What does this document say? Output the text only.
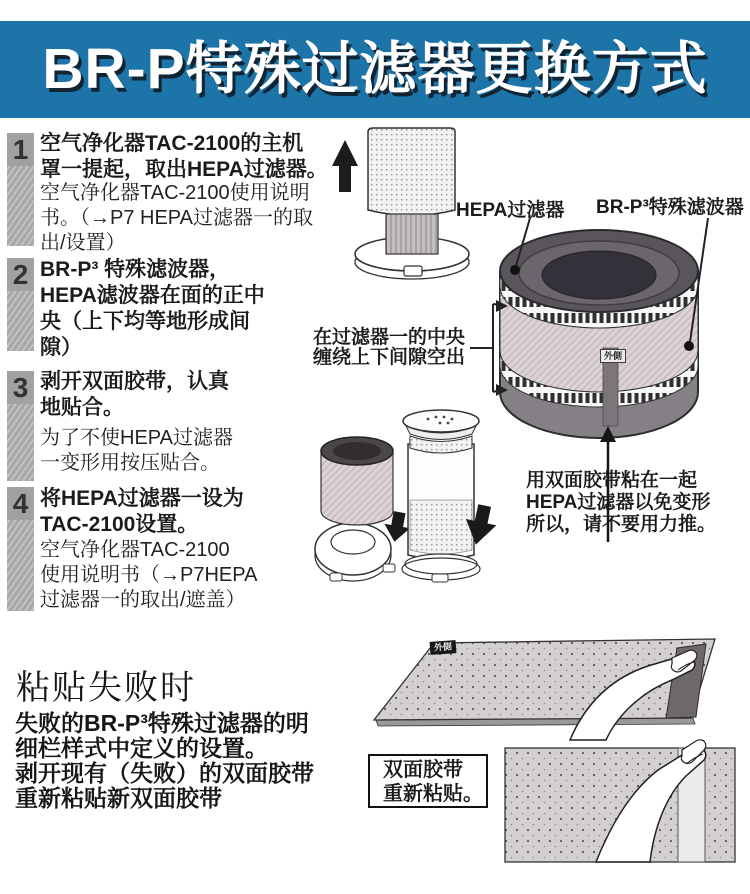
BR-P特殊过滤器更换方式
1
2
3
4
空气净化器TAC-2100的主机
罩一提起，取出HEPA过滤器。
空气净化器TAC-2100使用说明
书。（→P7 HEPA过滤器一的取
出/设置）
BR-P³ 特殊滤波器，
HEPA滤波器在面的正中
央（上下均等地形成间
隙）
剥开双面胶带，认真
地贴合。
为了不使HEPA过滤器
一变形用按压贴合。
将HEPA过滤器一设为
TAC-2100设置。
空气净化器TAC-2100
使用说明书（→P7HEPA
过滤器一的取出/遮盖）
HEPA过滤器 BR-P³特殊滤波器
在过滤器一的中央
缠绕上下间隙空出
用双面胶带粘在一起
HEPA过滤器以免变形
所以，请不要用力推。
外側
外側
粘贴失败时
失败的BR-P³特殊过滤器的明
细栏样式中定义的设置。
剥开现有（失败）的双面胶带
重新粘贴新双面胶带
双面胶带
重新粘贴。
